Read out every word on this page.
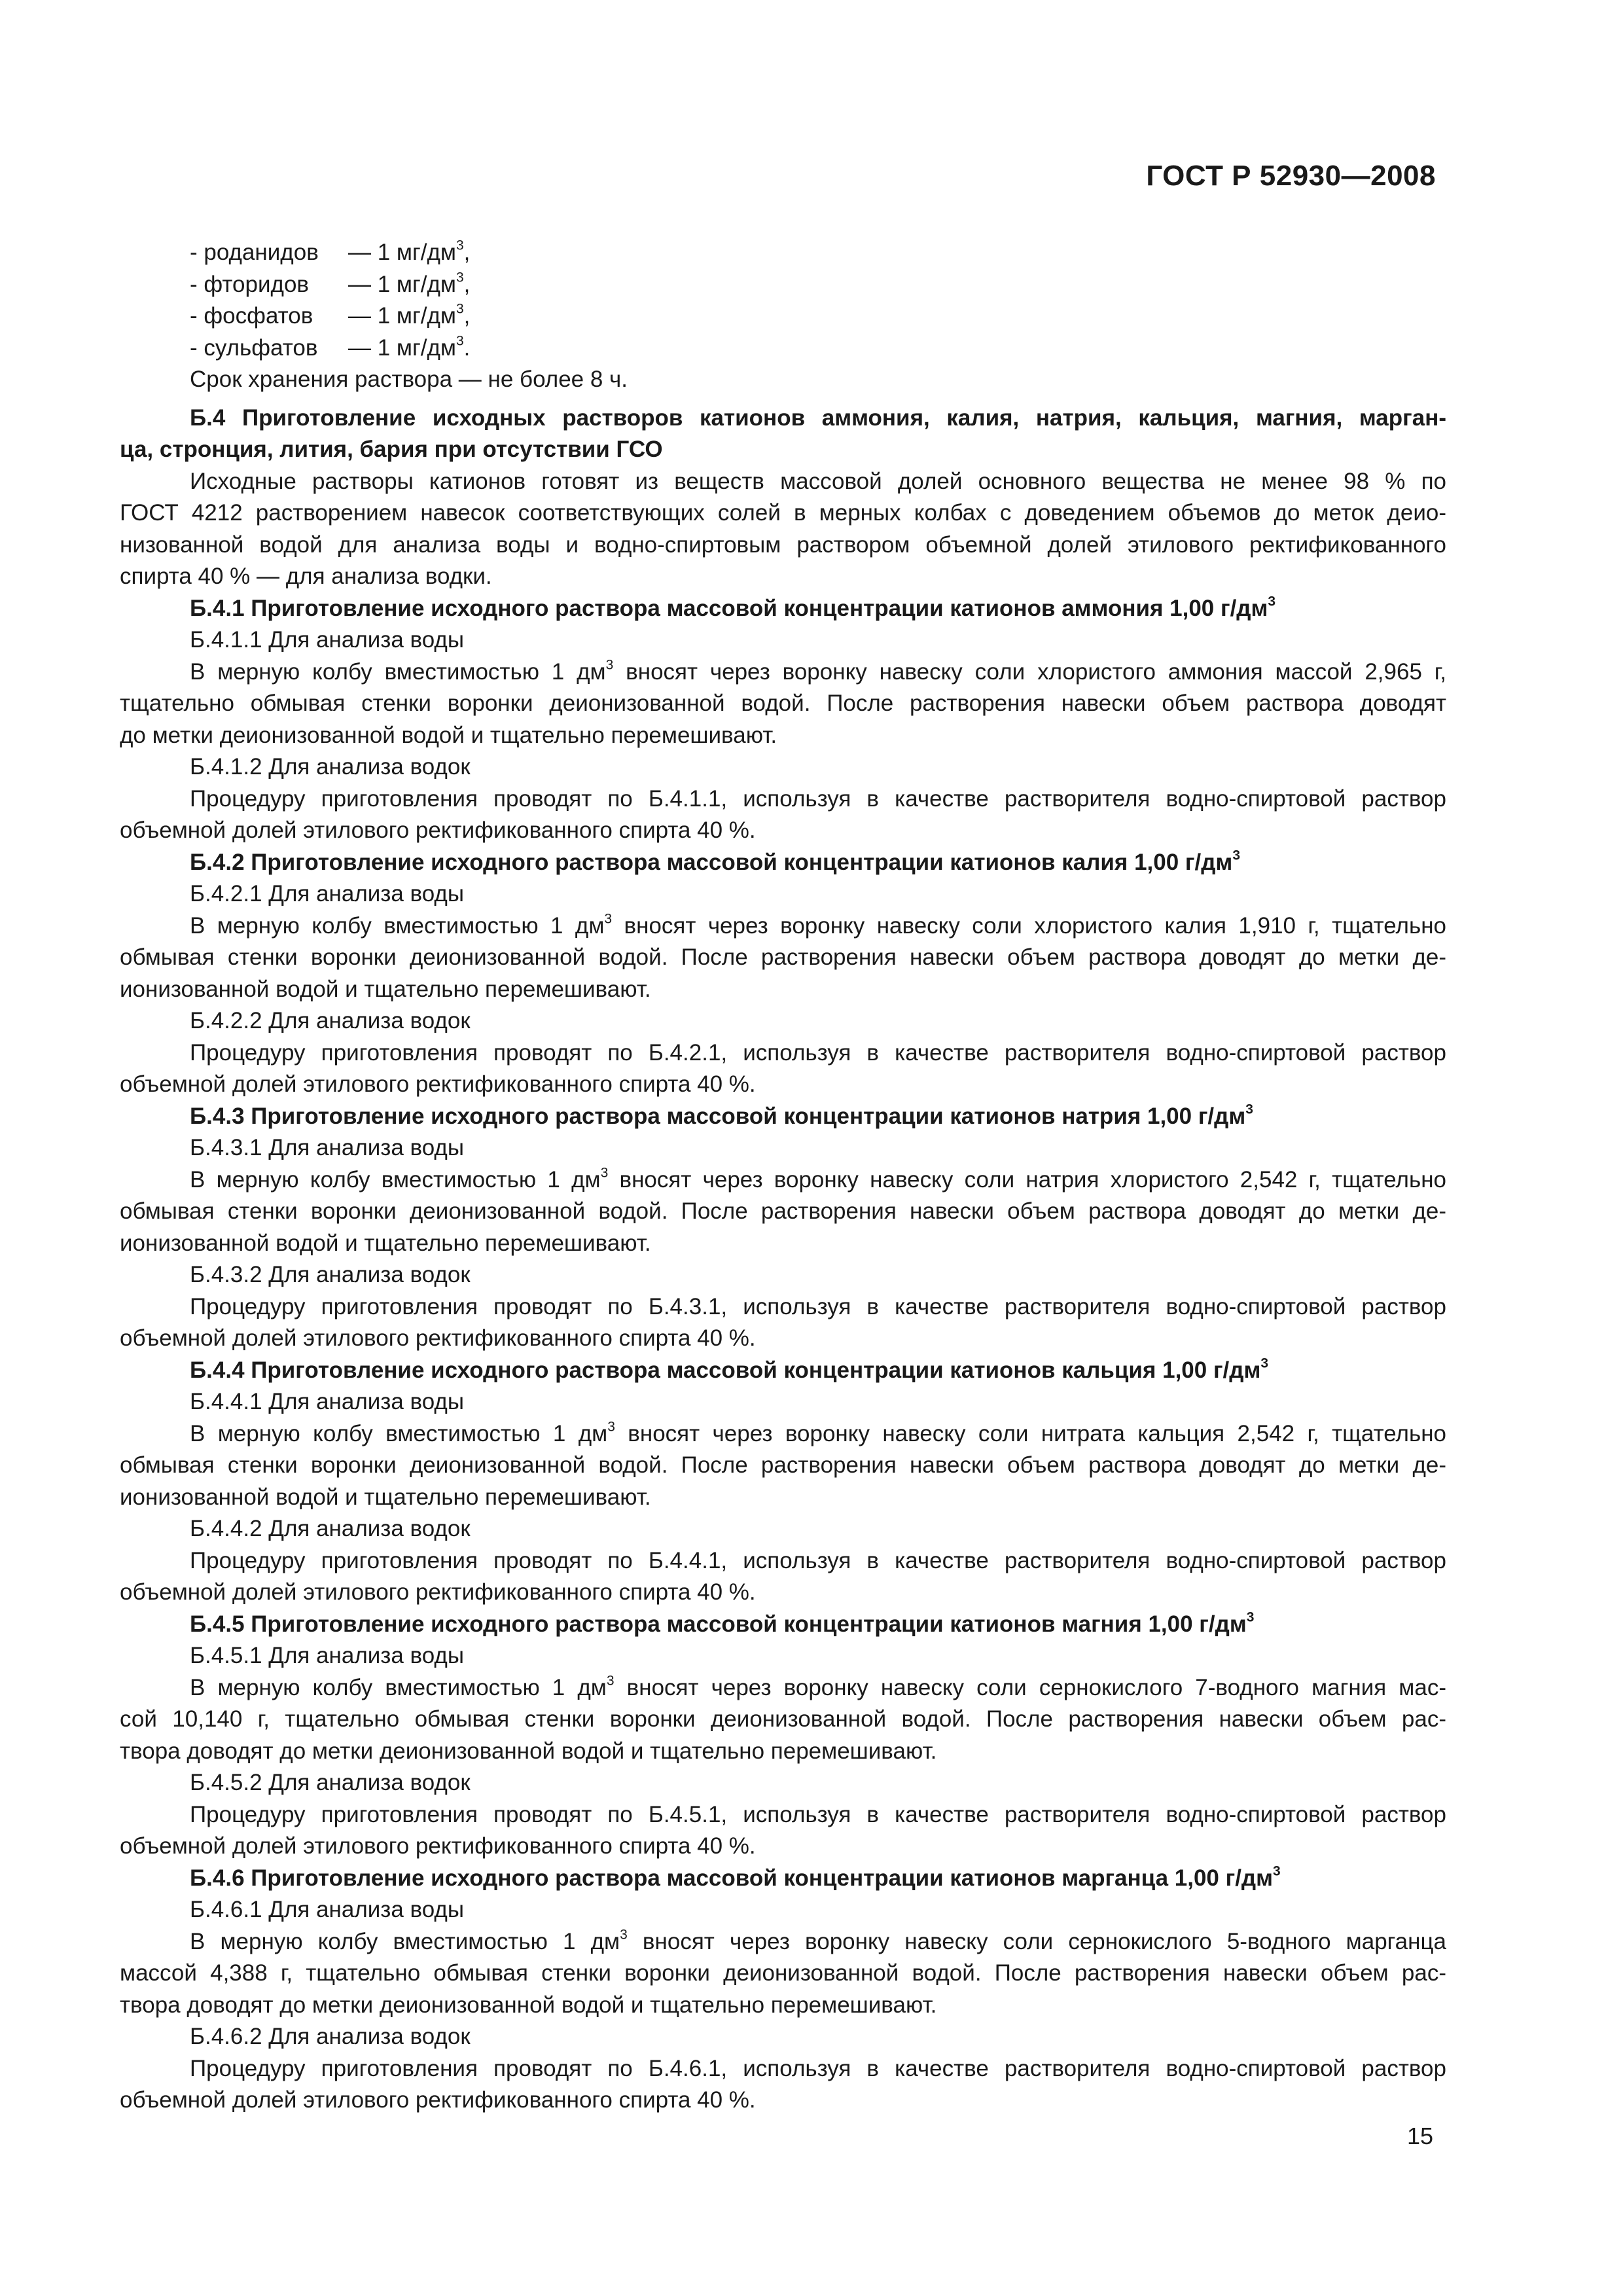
ГОСТ Р 52930—2008
- роданидов — 1 $мг/дм^3$,
- фторидов — 1 $мг/дм^3$,
- фосфатов — 1 $мг/дм^3$,
- сульфатов — 1 $мг/дм^3$.
Срок хранения раствора — не более 8 ч.
Б.4 Приготовление исходных растворов катионов аммония, калия, натрия, кальция, магния, марган-
ца, стронция, лития, бария при отсутствии ГСО
Исходные растворы катионов готовят из веществ массовой долей основного вещества не менее 98 % по
ГОСТ 4212 растворением навесок соответствующих солей в мерных колбах с доведением объемов до меток деио-
низованной водой для анализа воды и водно-спиртовым раствором объемной долей этилового ректификованного
спирта 40 % — для анализа водки.
Б.4.1 Приготовление исходного раствора массовой концентрации катионов аммония 1,00 $г/дм^3$
Б.4.1.1 Для анализа воды
В мерную колбу вместимостью 1 $дм^3$ вносят через воронку навеску соли хлористого аммония массой 2,965 г,
тщательно обмывая стенки воронки деионизованной водой. После растворения навески объем раствора доводят
до метки деионизованной водой и тщательно перемешивают.
Б.4.1.2 Для анализа водок
Процедуру приготовления проводят по Б.4.1.1, используя в качестве растворителя водно-спиртовой раствор
объемной долей этилового ректификованного спирта 40 %.
Б.4.2 Приготовление исходного раствора массовой концентрации катионов калия 1,00 $г/дм^3$
Б.4.2.1 Для анализа воды
В мерную колбу вместимостью 1 $дм^3$ вносят через воронку навеску соли хлористого калия 1,910 г, тщательно
обмывая стенки воронки деионизованной водой. После растворения навески объем раствора доводят до метки де-
ионизованной водой и тщательно перемешивают.
Б.4.2.2 Для анализа водок
Процедуру приготовления проводят по Б.4.2.1, используя в качестве растворителя водно-спиртовой раствор
объемной долей этилового ректификованного спирта 40 %.
Б.4.3 Приготовление исходного раствора массовой концентрации катионов натрия 1,00 $г/дм^3$
Б.4.3.1 Для анализа воды
В мерную колбу вместимостью 1 $дм^3$ вносят через воронку навеску соли натрия хлористого 2,542 г, тщательно
обмывая стенки воронки деионизованной водой. После растворения навески объем раствора доводят до метки де-
ионизованной водой и тщательно перемешивают.
Б.4.3.2 Для анализа водок
Процедуру приготовления проводят по Б.4.3.1, используя в качестве растворителя водно-спиртовой раствор
объемной долей этилового ректификованного спирта 40 %.
Б.4.4 Приготовление исходного раствора массовой концентрации катионов кальция 1,00 $г/дм^3$
Б.4.4.1 Для анализа воды
В мерную колбу вместимостью 1 $дм^3$ вносят через воронку навеску соли нитрата кальция 2,542 г, тщательно
обмывая стенки воронки деионизованной водой. После растворения навески объем раствора доводят до метки де-
ионизованной водой и тщательно перемешивают.
Б.4.4.2 Для анализа водок
Процедуру приготовления проводят по Б.4.4.1, используя в качестве растворителя водно-спиртовой раствор
объемной долей этилового ректификованного спирта 40 %.
Б.4.5 Приготовление исходного раствора массовой концентрации катионов магния 1,00 $г/дм^3$
Б.4.5.1 Для анализа воды
В мерную колбу вместимостью 1 $дм^3$ вносят через воронку навеску соли сернокислого 7-водного магния мас-
сой 10,140 г, тщательно обмывая стенки воронки деионизованной водой. После растворения навески объем рас-
твора доводят до метки деионизованной водой и тщательно перемешивают.
Б.4.5.2 Для анализа водок
Процедуру приготовления проводят по Б.4.5.1, используя в качестве растворителя водно-спиртовой раствор
объемной долей этилового ректификованного спирта 40 %.
Б.4.6 Приготовление исходного раствора массовой концентрации катионов марганца 1,00 $г/дм^3$
Б.4.6.1 Для анализа воды
В мерную колбу вместимостью 1 $дм^3$ вносят через воронку навеску соли сернокислого 5-водного марганца
массой 4,388 г, тщательно обмывая стенки воронки деионизованной водой. После растворения навески объем рас-
твора доводят до метки деионизованной водой и тщательно перемешивают.
Б.4.6.2 Для анализа водок
Процедуру приготовления проводят по Б.4.6.1, используя в качестве растворителя водно-спиртовой раствор
объемной долей этилового ректификованного спирта 40 %.
15
